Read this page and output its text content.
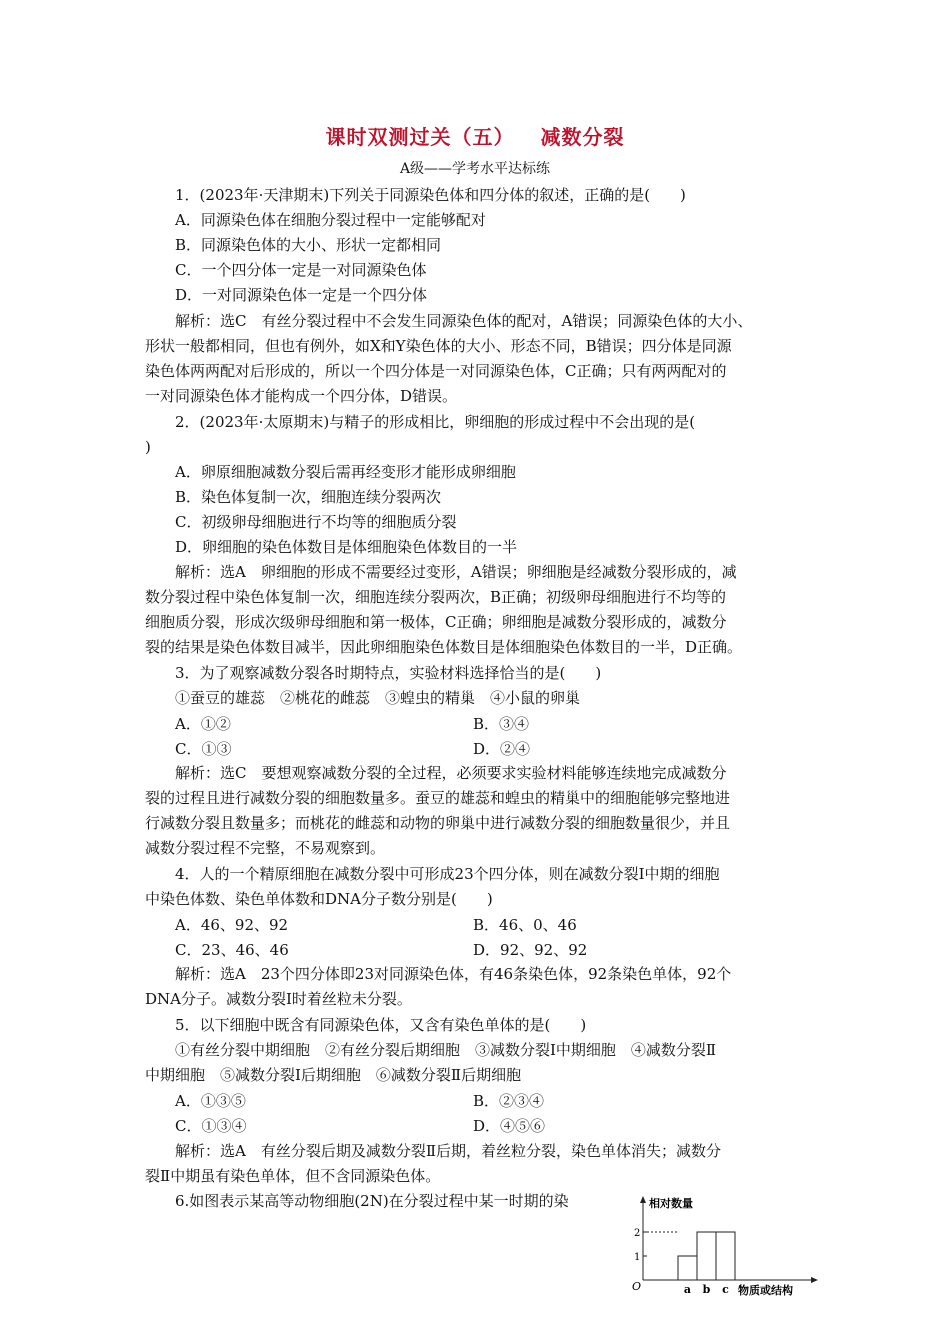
课时双测过关（五） 减数分裂
A级——学考水平达标练
1．(2023年·天津期末)下列关于同源染色体和四分体的叙述，正确的是(　　)
A．同源染色体在细胞分裂过程中一定能够配对
B．同源染色体的大小、形状一定都相同
C．一个四分体一定是一对同源染色体
D．一对同源染色体一定是一个四分体
解析：选C　有丝分裂过程中不会发生同源染色体的配对，A错误；同源染色体的大小、
形状一般都相同，但也有例外，如X和Y染色体的大小、形态不同，B错误；四分体是同源
染色体两两配对后形成的，所以一个四分体是一对同源染色体，C正确；只有两两配对的
一对同源染色体才能构成一个四分体，D错误。
2．(2023年·太原期末)与精子的形成相比，卵细胞的形成过程中不会出现的是(
)
A．卵原细胞减数分裂后需再经变形才能形成卵细胞
B．染色体复制一次，细胞连续分裂两次
C．初级卵母细胞进行不均等的细胞质分裂
D．卵细胞的染色体数目是体细胞染色体数目的一半
解析：选A　卵细胞的形成不需要经过变形，A错误；卵细胞是经减数分裂形成的，减
数分裂过程中染色体复制一次，细胞连续分裂两次，B正确；初级卵母细胞进行不均等的
细胞质分裂，形成次级卵母细胞和第一极体，C正确；卵细胞是减数分裂形成的，减数分
裂的结果是染色体数目减半，因此卵细胞染色体数目是体细胞染色体数目的一半，D正确。
3．为了观察减数分裂各时期特点，实验材料选择恰当的是(　　)
①蚕豆的雄蕊　②桃花的雌蕊　③蝗虫的精巢　④小鼠的卵巢
A．①②	B．③④
C．①③	D．②④
解析：选C　要想观察减数分裂的全过程，必须要求实验材料能够连续地完成减数分
裂的过程且进行减数分裂的细胞数量多。蚕豆的雄蕊和蝗虫的精巢中的细胞能够完整地进
行减数分裂且数量多；而桃花的雌蕊和动物的卵巢中进行减数分裂的细胞数量很少，并且
减数分裂过程不完整，不易观察到。
4．人的一个精原细胞在减数分裂中可形成23个四分体，则在减数分裂Ⅰ中期的细胞
中染色体数、染色单体数和DNA分子数分别是(　　)
A．46、92、92	B．46、0、46
C．23、46、46	D．92、92、92
解析：选A　23个四分体即23对同源染色体，有46条染色体，92条染色单体，92个
DNA分子。减数分裂Ⅰ时着丝粒未分裂。
5．以下细胞中既含有同源染色体，又含有染色单体的是(　　)
①有丝分裂中期细胞　②有丝分裂后期细胞　③减数分裂Ⅰ中期细胞　④减数分裂Ⅱ
中期细胞　⑤减数分裂Ⅰ后期细胞　⑥减数分裂Ⅱ后期细胞
A．①③⑤	B．②③④
C．①③④	D．④⑤⑥
解析：选A　有丝分裂后期及减数分裂Ⅱ后期，着丝粒分裂，染色单体消失；减数分
裂Ⅱ中期虽有染色单体，但不含同源染色体。
6.如图表示某高等动物细胞(2N)在分裂过程中某一时期的染	相对数量
物质或结构
O
1
2
a b c
